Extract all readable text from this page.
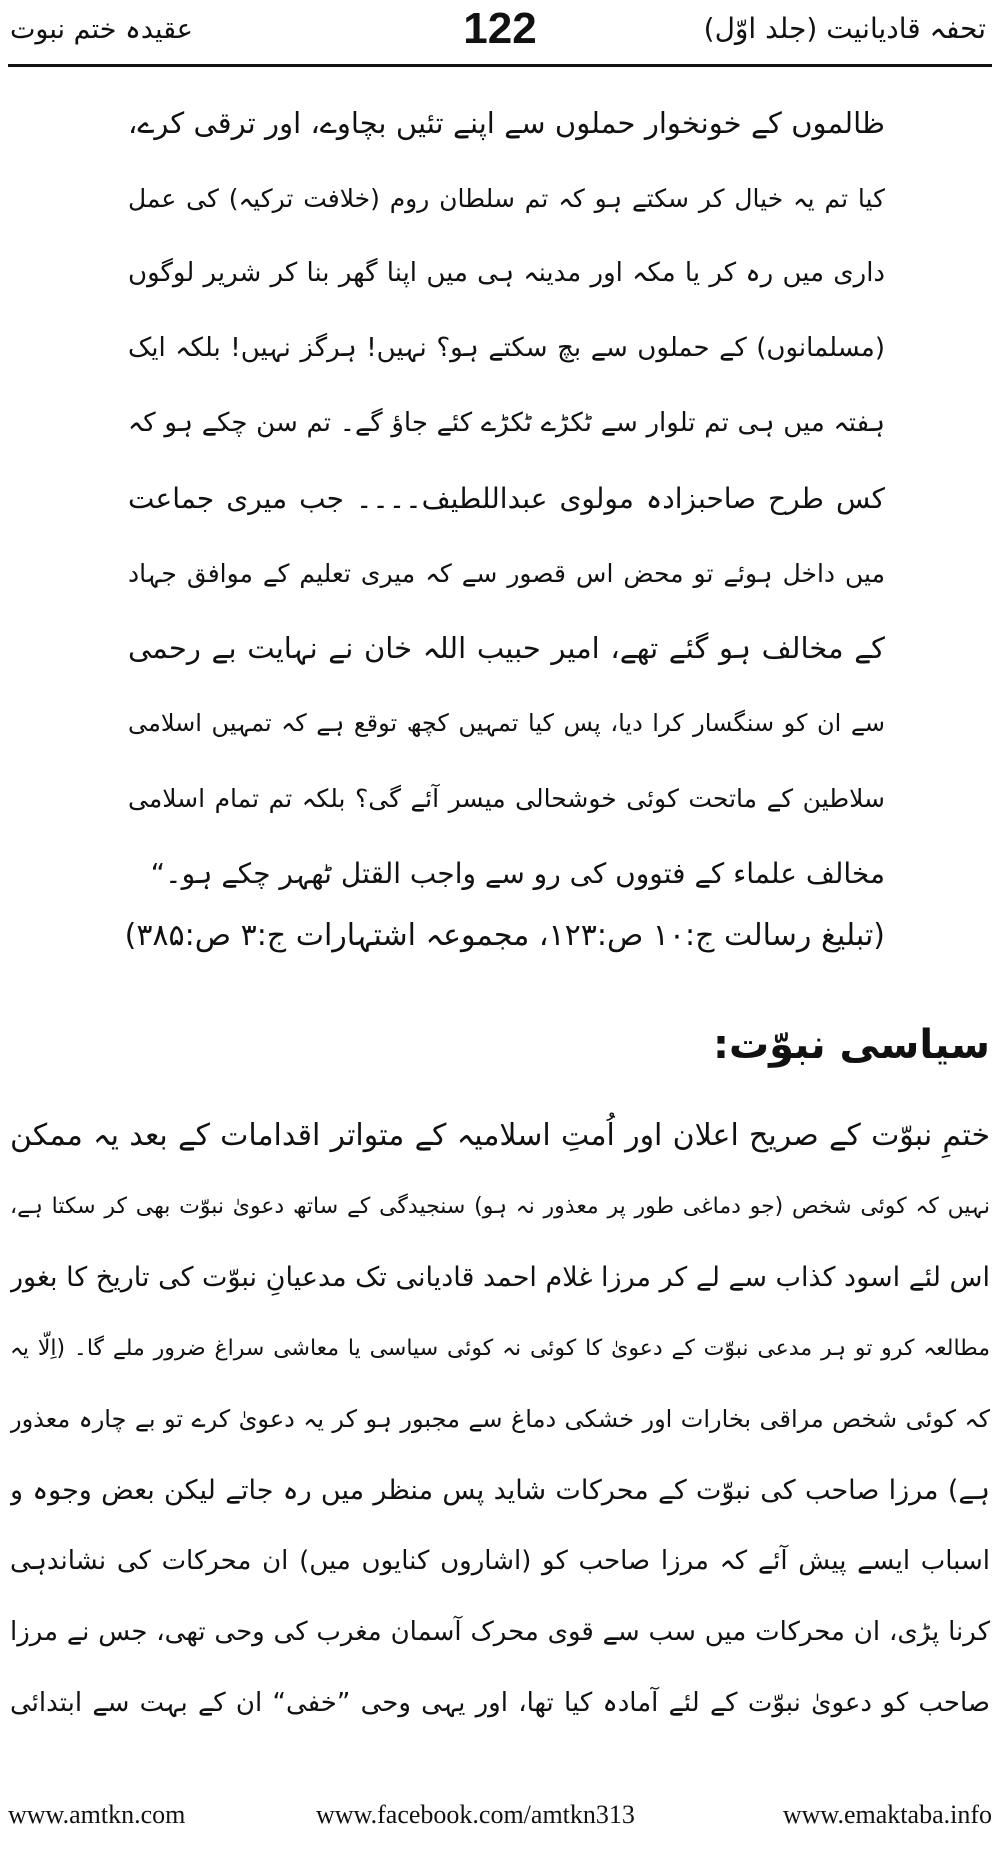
تحفہ قادیانیت (جلد اوّل)
122
عقیدہ ختم نبوت
ظالموں کے خونخوار حملوں سے اپنے تئیں بچاوے، اور ترقی کرے،
کیا تم یہ خیال کر سکتے ہو کہ تم سلطان روم (خلافت ترکیہ) کی عمل
داری میں رہ کر یا مکہ اور مدینہ ہی میں اپنا گھر بنا کر شریر لوگوں
(مسلمانوں) کے حملوں سے بچ سکتے ہو؟ نہیں! ہرگز نہیں! بلکہ ایک
ہفتہ میں ہی تم تلوار سے ٹکڑے ٹکڑے کئے جاؤ گے۔ تم سن چکے ہو کہ
کس طرح صاحبزادہ مولوی عبداللطیف۔۔۔۔ جب میری جماعت
میں داخل ہوئے تو محض اس قصور سے کہ میری تعلیم کے موافق جہاد
کے مخالف ہو گئے تھے، امیر حبیب اللہ خان نے نہایت بے رحمی
سے ان کو سنگسار کرا دیا، پس کیا تمہیں کچھ توقع ہے کہ تمہیں اسلامی
سلاطین کے ماتحت کوئی خوشحالی میسر آئے گی؟ بلکہ تم تمام اسلامی
مخالف علماء کے فتووں کی رو سے واجب القتل ٹھہر چکے ہو۔“
(تبلیغ رسالت ج:۱۰ ص:۱۲۳، مجموعہ اشتہارات ج:۳ ص:۳۸۵)
سیاسی نبوّت:
ختمِ نبوّت کے صریح اعلان اور اُمتِ اسلامیہ کے متواتر اقدامات کے بعد یہ ممکن
نہیں کہ کوئی شخص (جو دماغی طور پر معذور نہ ہو) سنجیدگی کے ساتھ دعویٰ نبوّت بھی کر سکتا ہے،
اس لئے اسود کذاب سے لے کر مرزا غلام احمد قادیانی تک مدعیانِ نبوّت کی تاریخ کا بغور
مطالعہ کرو تو ہر مدعی نبوّت کے دعویٰ کا کوئی نہ کوئی سیاسی یا معاشی سراغ ضرور ملے گا۔ (اِلّا یہ
کہ کوئی شخص مراقی بخارات اور خشکی دماغ سے مجبور ہو کر یہ دعویٰ کرے تو بے چارہ معذور
ہے) مرزا صاحب کی نبوّت کے محرکات شاید پس منظر میں رہ جاتے لیکن بعض وجوہ و
اسباب ایسے پیش آئے کہ مرزا صاحب کو (اشاروں کنایوں میں) ان محرکات کی نشاندہی
کرنا پڑی، ان محرکات میں سب سے قوی محرک آسمان مغرب کی وحی تھی، جس نے مرزا
صاحب کو دعویٰ نبوّت کے لئے آمادہ کیا تھا، اور یہی وحی ”خفی“ ان کے بہت سے ابتدائی
www.amtkn.com	www.facebook.com/amtkn313	www.emaktaba.info
